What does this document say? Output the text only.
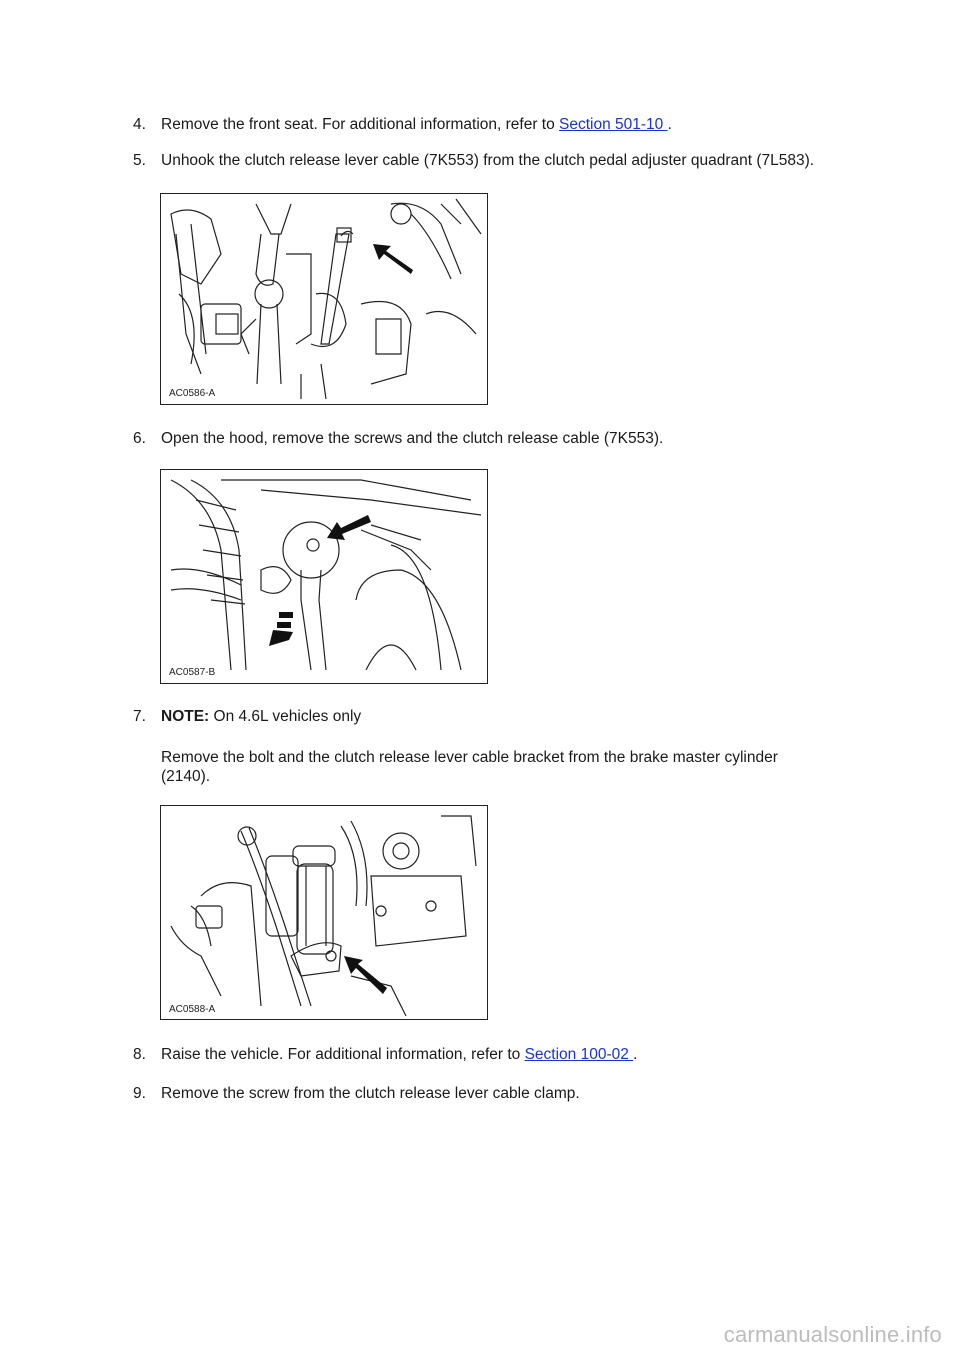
4. Remove the front seat. For additional information, refer to Section 501-10 .
5. Unhook the clutch release lever cable (7K553) from the clutch pedal adjuster quadrant (7L583).
AC0586-A
6. Open the hood, remove the screws and the clutch release cable (7K553).
AC0587-B
7. NOTE: On 4.6L vehicles only
Remove the bolt and the clutch release lever cable bracket from the brake master cylinder (2140).
AC0588-A
8. Raise the vehicle. For additional information, refer to Section 100-02 .
9. Remove the screw from the clutch release lever cable clamp.
carmanualsonline.info
